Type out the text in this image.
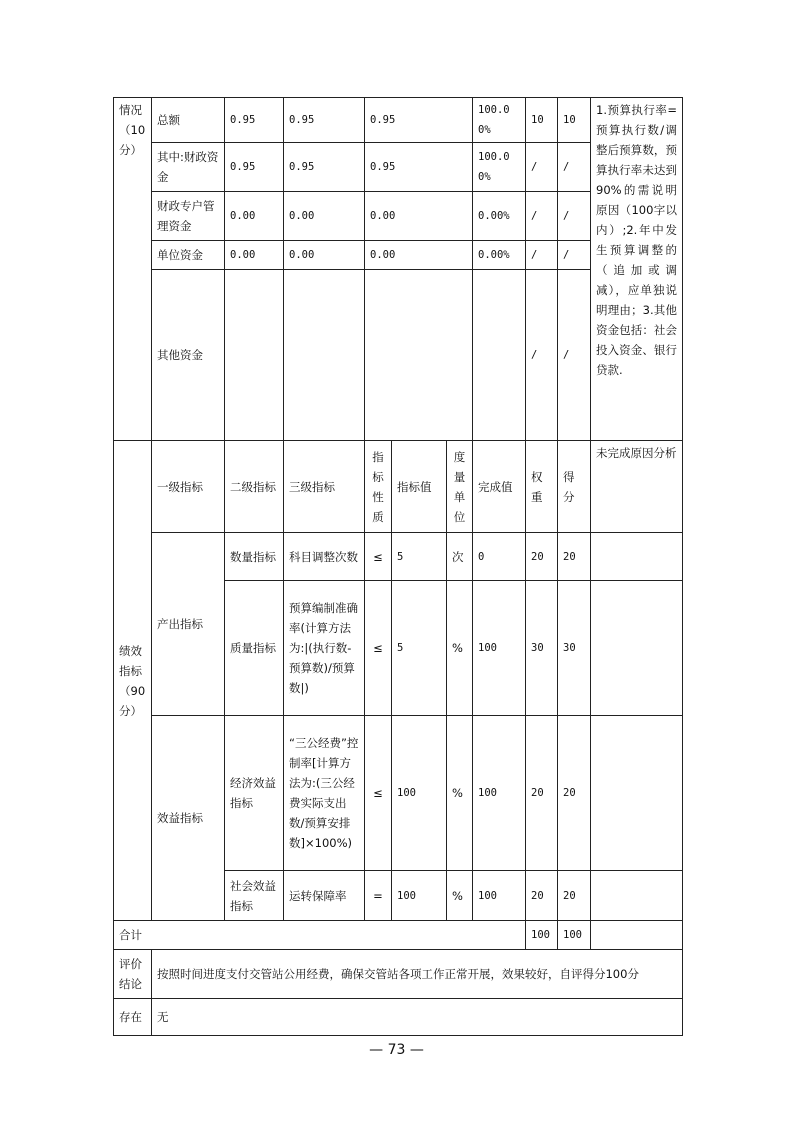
情况（10分）	总额	0.95	0.95	0.95			100.00%	10	10	1.预算执行率=预算执行数/调整后预算数，预算执行率未达到90%的需说明原因（100字以内）;2.年中发生预算调整的（追加或调减），应单独说明理由；3.其他资金包括：社会投入资金、银行贷款.
	其中:财政资金	0.95	0.95	0.95			100.00%	/	/	
	财政专户管理资金	0.00	0.00	0.00			0.00%	/	/	
	单位资金	0.00	0.00	0.00			0.00%	/	/	
	其他资金							/	/	
绩效指标（90分）	一级指标	二级指标	三级指标	指标性质	指标值	度量单位	完成值	权重	得分	未完成原因分析
	产出指标	数量指标	科目调整次数	≤	5	次	0	20	20	
		质量指标	预算编制准确率(计算方法为:|(执行数-预算数)/预算数|)	≤	5	%	100	30	30	
	效益指标	经济效益指标	“三公经费”控制率[计算方法为:(三公经费实际支出数/预算安排数]×100%)	≤	100	%	100	20	20	
		社会效益指标	运转保障率	=	100	%	100	20	20	
合计								100	100	
评价结论	按照时间进度支付交管站公用经费，确保交管站各项工作正常开展，效果较好，自评得分100分									
存在	无									
— 73 —
